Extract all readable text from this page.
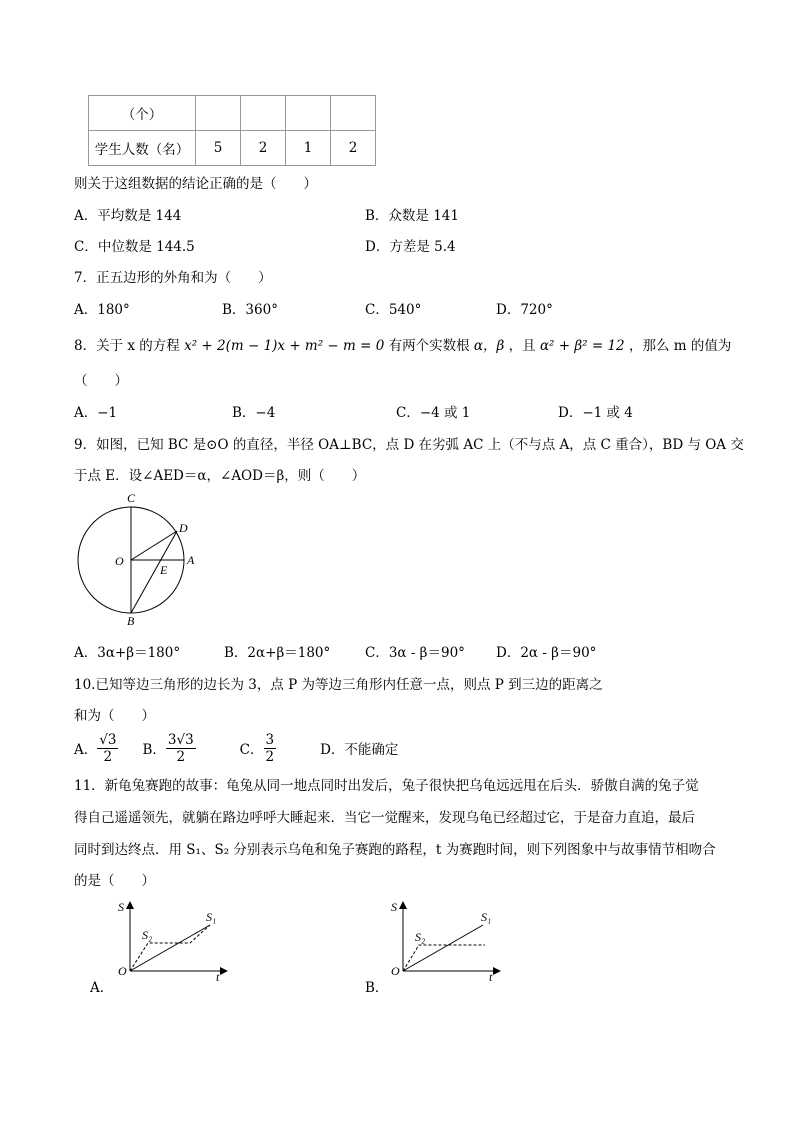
（个）				
学生人数（名）	5	2	1	2
则关于这组数据的结论正确的是（　　）
A．平均数是 144	B．众数是 141
C．中位数是 144.5	D．方差是 5.4
7．正五边形的外角和为（　　）
A．180°	B．360°	C．540°	D．720°
8．关于 x 的方程 x² + 2(m − 1)x + m² − m = 0 有两个实数根 α，β ，且 α² + β² = 12 ，那么 m 的值为
（　　）
A．−1	B．−4	C．−4 或 1	D．−1 或 4
9．如图，已知 BC 是⊙O 的直径，半径 OA⊥BC，点 D 在劣弧 AC 上（不与点 A，点 C 重合），BD 与 OA 交
于点 E．设∠AED＝α，∠AOD＝β，则（　　）
C
D
O	A
E
B
A．3α+β＝180°	B．2α+β＝180°	C．3α - β＝90° D．2α - β＝90°
10.已知等边三角形的边长为 3，点 P 为等边三角形内任意一点，则点 P 到三边的距离之
和为（　　）
A． $\frac{√3}{2}$ B． $\frac{3√3}{2}$	C． $\frac{3}{2}$	D．不能确定
11．新龟兔赛跑的故事：龟兔从同一地点同时出发后，兔子很快把乌龟远远甩在后头．骄傲自满的兔子觉
得自己遥遥领先，就躺在路边呼呼大睡起来．当它一觉醒来，发现乌龟已经超过它，于是奋力直追，最后
同时到达终点．用 S₁、S₂ 分别表示乌龟和兔子赛跑的路程，t 为赛跑时间，则下列图象中与故事情节相吻合
的是（　　）
S
S₁
S₂
O	t
A．
S
S₁
S₂
O	t
B．
